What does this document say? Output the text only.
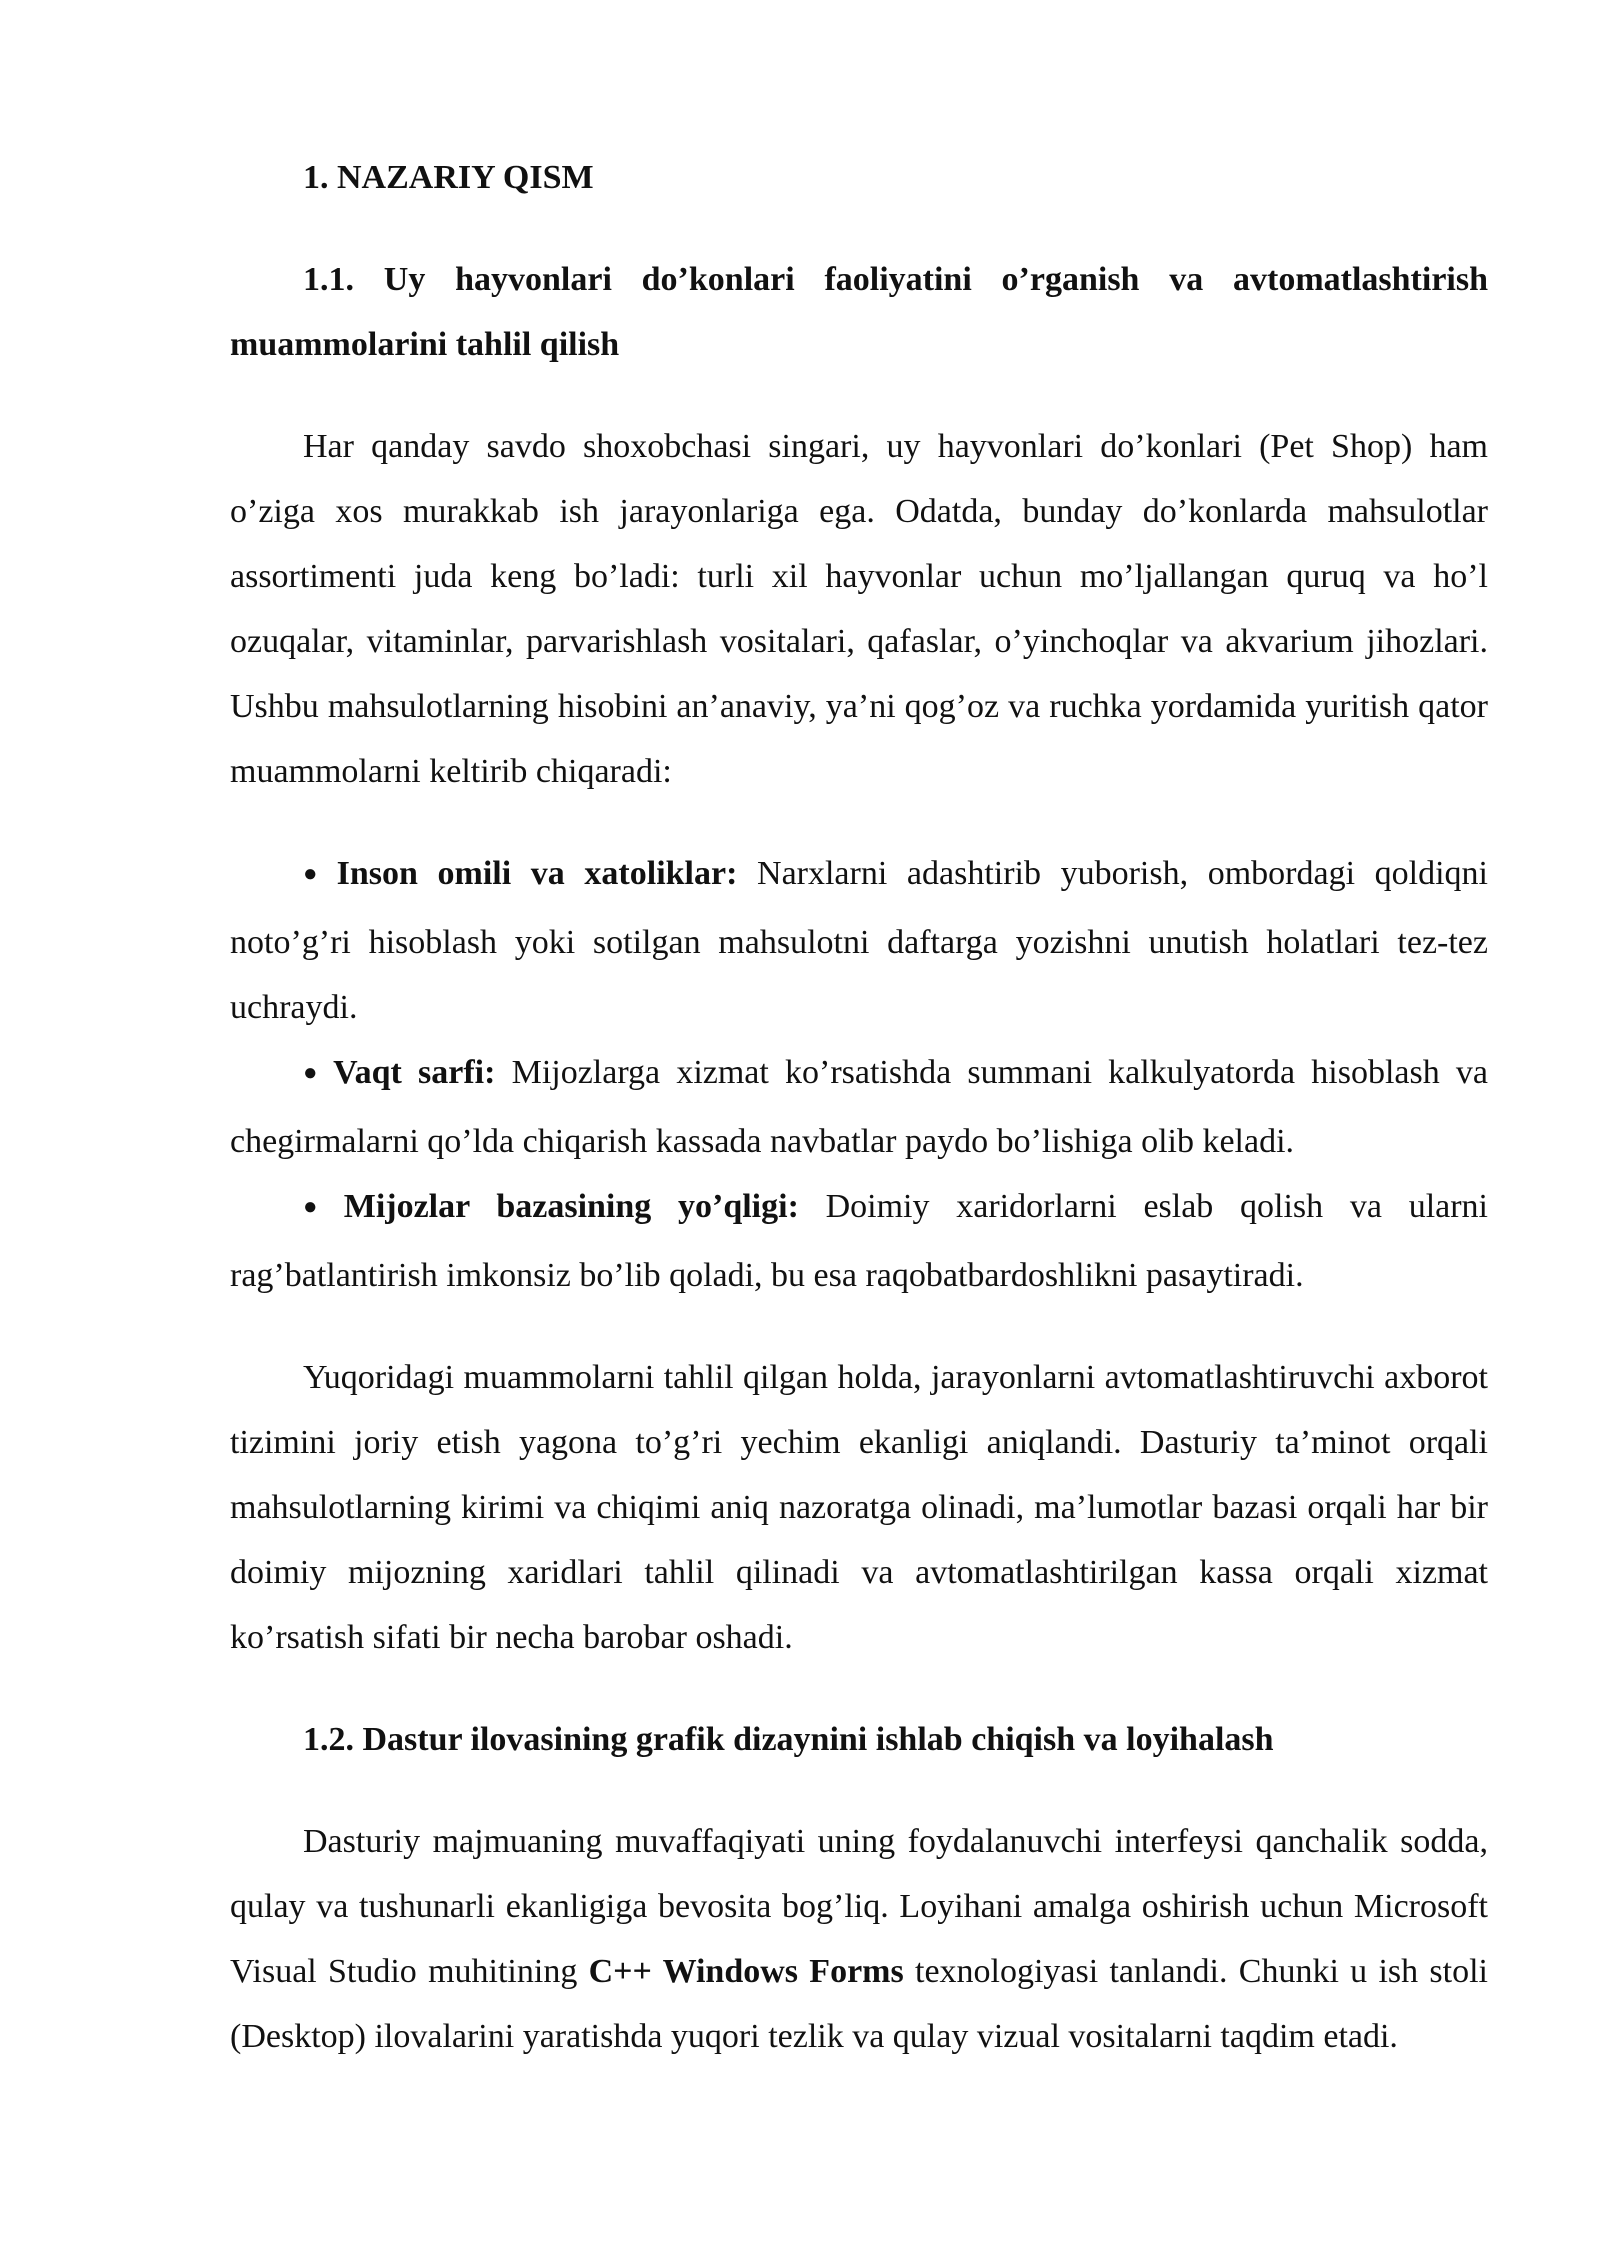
1. NAZARIY QISM

1.1. Uy hayvonlari do’konlari faoliyatini o’rganish va avtomatlashtirish muammolarini tahlil qilish

Har qanday savdo shoxobchasi singari, uy hayvonlari do’konlari (Pet Shop) ham o’ziga xos murakkab ish jarayonlariga ega. Odatda, bunday do’konlarda mahsulotlar assortimenti juda keng bo’ladi: turli xil hayvonlar uchun mo’ljallangan quruq va ho’l ozuqalar, vitaminlar, parvarishlash vositalari, qafaslar, o’yinchoqlar va akvarium jihozlari. Ushbu mahsulotlarning hisobini an’anaviy, ya’ni qog’oz va ruchka yordamida yuritish qator muammolarni keltirib chiqaradi:

● Inson omili va xatoliklar: Narxlarni adashtirib yuborish, ombordagi qoldiqni noto’g’ri hisoblash yoki sotilgan mahsulotni daftarga yozishni unutish holatlari tez-tez uchraydi.

● Vaqt sarfi: Mijozlarga xizmat ko’rsatishda summani kalkulyatorda hisoblash va chegirmalarni qo’lda chiqarish kassada navbatlar paydo bo’lishiga olib keladi.

● Mijozlar bazasining yo’qligi: Doimiy xaridorlarni eslab qolish va ularni rag’batlantirish imkonsiz bo’lib qoladi, bu esa raqobatbardoshlikni pasaytiradi.

Yuqoridagi muammolarni tahlil qilgan holda, jarayonlarni avtomatlashtiruvchi axborot tizimini joriy etish yagona to’g’ri yechim ekanligi aniqlandi. Dasturiy ta’minot orqali mahsulotlarning kirimi va chiqimi aniq nazoratga olinadi, ma’lumotlar bazasi orqali har bir doimiy mijozning xaridlari tahlil qilinadi va avtomatlashtirilgan kassa orqali xizmat ko’rsatish sifati bir necha barobar oshadi.

1.2. Dastur ilovasining grafik dizaynini ishlab chiqish va loyihalash

Dasturiy majmuaning muvaffaqiyati uning foydalanuvchi interfeysi qanchalik sodda, qulay va tushunarli ekanligiga bevosita bog’liq. Loyihani amalga oshirish uchun Microsoft Visual Studio muhitining C++ Windows Forms texnologiyasi tanlandi. Chunki u ish stoli (Desktop) ilovalarini yaratishda yuqori tezlik va qulay vizual vositalarni taqdim etadi.
